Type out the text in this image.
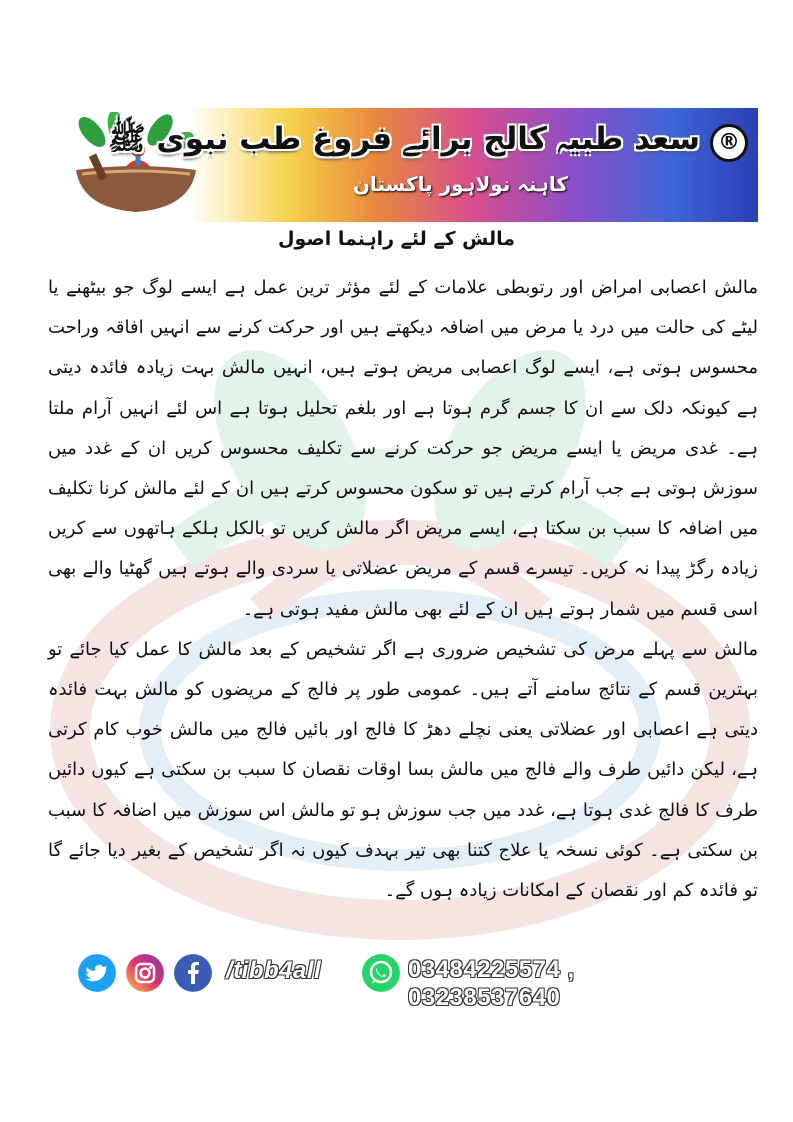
سعد طبیہ کالج برائے فروغ طب نبوی ﷺ ®
کاہنہ نولاہور پاکستان
مالش کے لئے راہنما اصول

مالش اعصابی امراض اور رتوبطی علامات کے لئے مؤثر ترین عمل ہے ایسے لوگ جو بیٹھنے یا لیٹے کی حالت میں درد یا مرض میں اضافہ دیکھتے ہیں اور حرکت کرنے سے انہیں افاقہ وراحت محسوس ہوتی ہے، ایسے لوگ اعصابی مریض ہوتے ہیں، انہیں مالش بہت زیادہ فائدہ دیتی ہے کیونکہ دلک سے ان کا جسم گرم ہوتا ہے اور بلغم تحلیل ہوتا ہے اس لئے انہیں آرام ملتا ہے۔ غدی مریض یا ایسے مریض جو حرکت کرنے سے تکلیف محسوس کریں ان کے غدد میں سوزش ہوتی ہے جب آرام کرتے ہیں تو سکون محسوس کرتے ہیں ان کے لئے مالش کرنا تکلیف میں اضافہ کا سبب بن سکتا ہے، ایسے مریض اگر مالش کریں تو بالکل ہلکے ہاتھوں سے کریں زیادہ رگڑ پیدا نہ کریں۔ تیسرے قسم کے مریض عضلاتی یا سردی والے ہوتے ہیں گھٹیا والے بھی اسی قسم میں شمار ہوتے ہیں ان کے لئے بھی مالش مفید ہوتی ہے۔

مالش سے پہلے مرض کی تشخیص ضروری ہے اگر تشخیص کے بعد مالش کا عمل کیا جائے تو بہترین قسم کے نتائج سامنے آتے ہیں۔ عمومی طور پر فالج کے مریضوں کو مالش بہت فائدہ دیتی ہے اعصابی اور عضلاتی یعنی نچلے دھڑ کا فالج اور بائیں فالج میں مالش خوب کام کرتی ہے، لیکن دائیں طرف والے فالج میں مالش بسا اوقات نقصان کا سبب بن سکتی ہے کیوں دائیں طرف کا فالج غدی ہوتا ہے، غدد میں جب سوزش ہو تو مالش اس سوزش میں اضافہ کا سبب بن سکتی ہے۔ کوئی نسخہ یا علاج کتنا بھی تیر بہدف کیوں نہ اگر تشخیص کے بغیر دیا جائے گا تو فائدہ کم اور نقصان کے امکانات زیادہ ہوں گے۔

/tibb4all	03484225574 , 03238537640
